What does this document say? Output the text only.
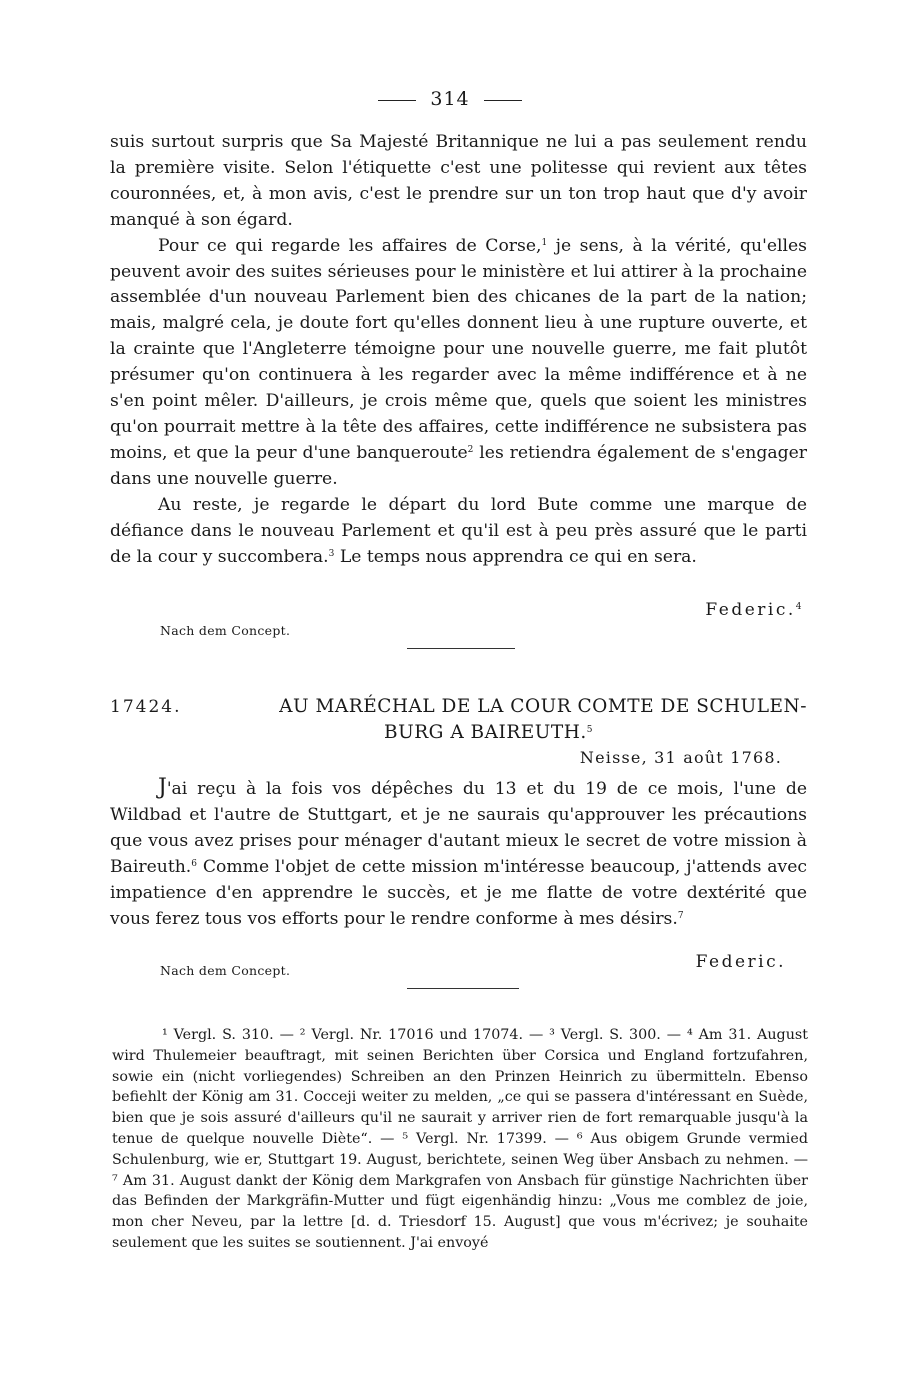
314

suis surtout surpris que Sa Majesté Britannique ne lui a pas seulement rendu la première visite. Selon l'étiquette c'est une politesse qui revient aux têtes couronnées, et, à mon avis, c'est le prendre sur un ton trop haut que d'y avoir manqué à son égard.

Pour ce qui regarde les affaires de Corse,$^1$ je sens, à la vérité, qu'elles peuvent avoir des suites sérieuses pour le ministère et lui attirer à la prochaine assemblée d'un nouveau Parlement bien des chicanes de la part de la nation; mais, malgré cela, je doute fort qu'elles donnent lieu à une rupture ouverte, et la crainte que l'Angleterre témoigne pour une nouvelle guerre, me fait plutôt présumer qu'on continuera à les regarder avec la même indifférence et à ne s'en point mêler. D'ailleurs, je crois même que, quels que soient les ministres qu'on pourrait mettre à la tête des affaires, cette indifférence ne subsistera pas moins, et que la peur d'une banqueroute$^2$ les retiendra également de s'engager dans une nouvelle guerre.

Au reste, je regarde le départ du lord Bute comme une marque de défiance dans le nouveau Parlement et qu'il est à peu près assuré que le parti de la cour y succombera.$^3$ Le temps nous apprendra ce qui en sera.

Federic.$^4$
Nach dem Concept.
17424.	AU MARÉCHAL DE LA COUR COMTE DE SCHULEN-
BURG A BAIREUTH.$^5$
Neisse, 31 août 1768.

J'ai reçu à la fois vos dépêches du 13 et du 19 de ce mois, l'une de Wildbad et l'autre de Stuttgart, et je ne saurais qu'approuver les précautions que vous avez prises pour ménager d'autant mieux le secret de votre mission à Baireuth.$^6$ Comme l'objet de cette mission m'intéresse beaucoup, j'attends avec impatience d'en apprendre le succès, et je me flatte de votre dextérité que vous ferez tous vos efforts pour le rendre conforme à mes désirs.$^7$

Nach dem Concept.	Federic.

¹ Vergl. S. 310. — ² Vergl. Nr. 17016 und 17074. — ³ Vergl. S. 300. — ⁴ Am 31. August wird Thulemeier beauftragt, mit seinen Berichten über Corsica und England fortzufahren, sowie ein (nicht vorliegendes) Schreiben an den Prinzen Heinrich zu übermitteln. Ebenso befiehlt der König am 31. Cocceji weiter zu melden, „ce qui se passera d'intéressant en Suède, bien que je sois assuré d'ailleurs qu'il ne saurait y arriver rien de fort remarquable jusqu'à la tenue de quelque nouvelle Diète“. — ⁵ Vergl. Nr. 17399. — ⁶ Aus obigem Grunde vermied Schulenburg, wie er, Stuttgart 19. August, berichtete, seinen Weg über Ansbach zu nehmen. — ⁷ Am 31. August dankt der König dem Markgrafen von Ansbach für günstige Nachrichten über das Befinden der Markgräfin-Mutter und fügt eigenhändig hinzu: „Vous me comblez de joie, mon cher Neveu, par la lettre [d. d. Triesdorf 15. August] que vous m'écrivez; je souhaite seulement que les suites se soutiennent. J'ai envoyé
